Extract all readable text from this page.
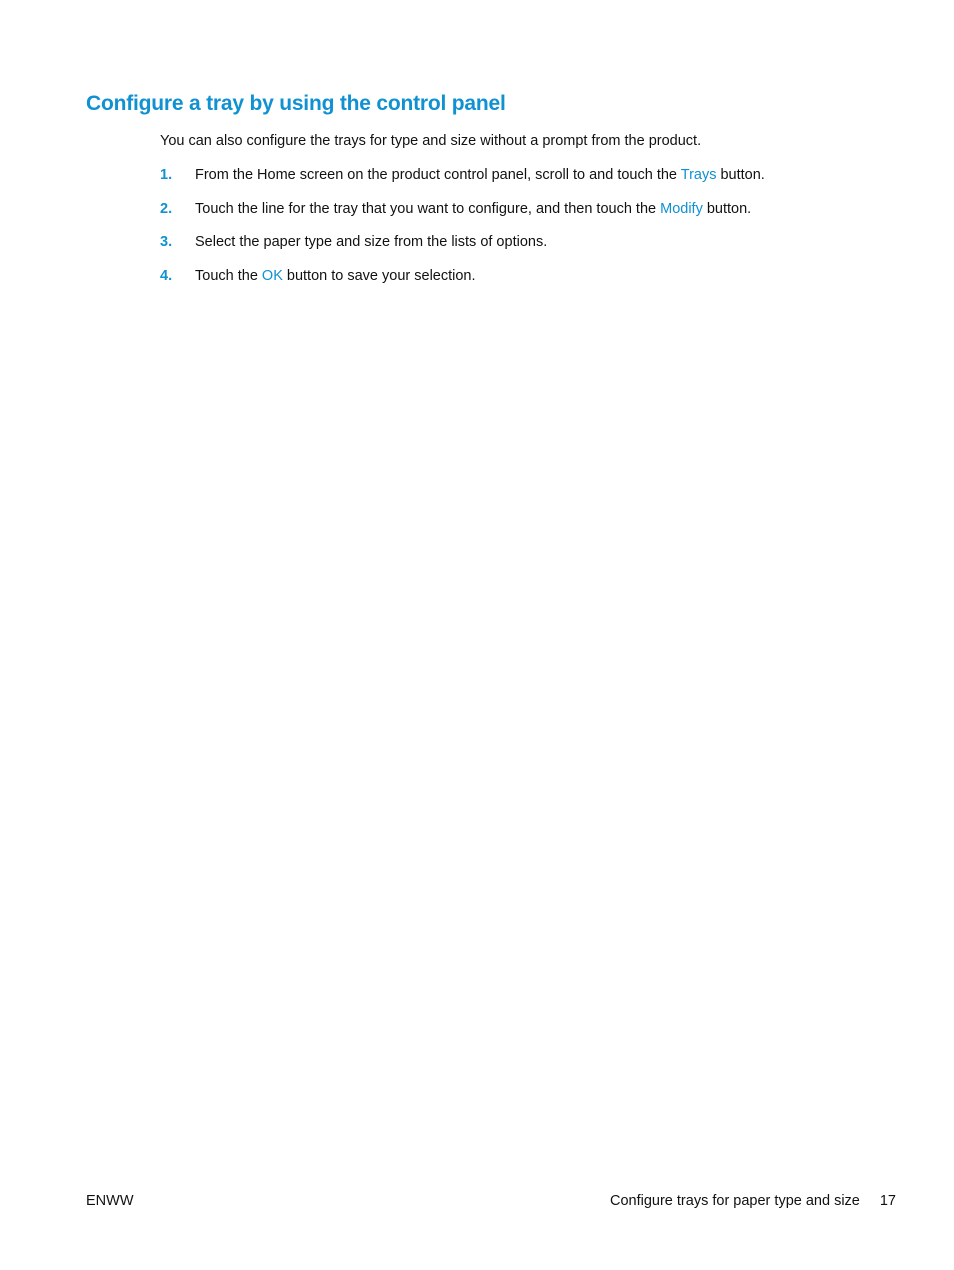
Configure a tray by using the control panel

You can also configure the trays for type and size without a prompt from the product.

1. From the Home screen on the product control panel, scroll to and touch the Trays button.
2. Touch the line for the tray that you want to configure, and then touch the Modify button.
3. Select the paper type and size from the lists of options.
4. Touch the OK button to save your selection.
ENWW	Configure trays for paper type and size 17
